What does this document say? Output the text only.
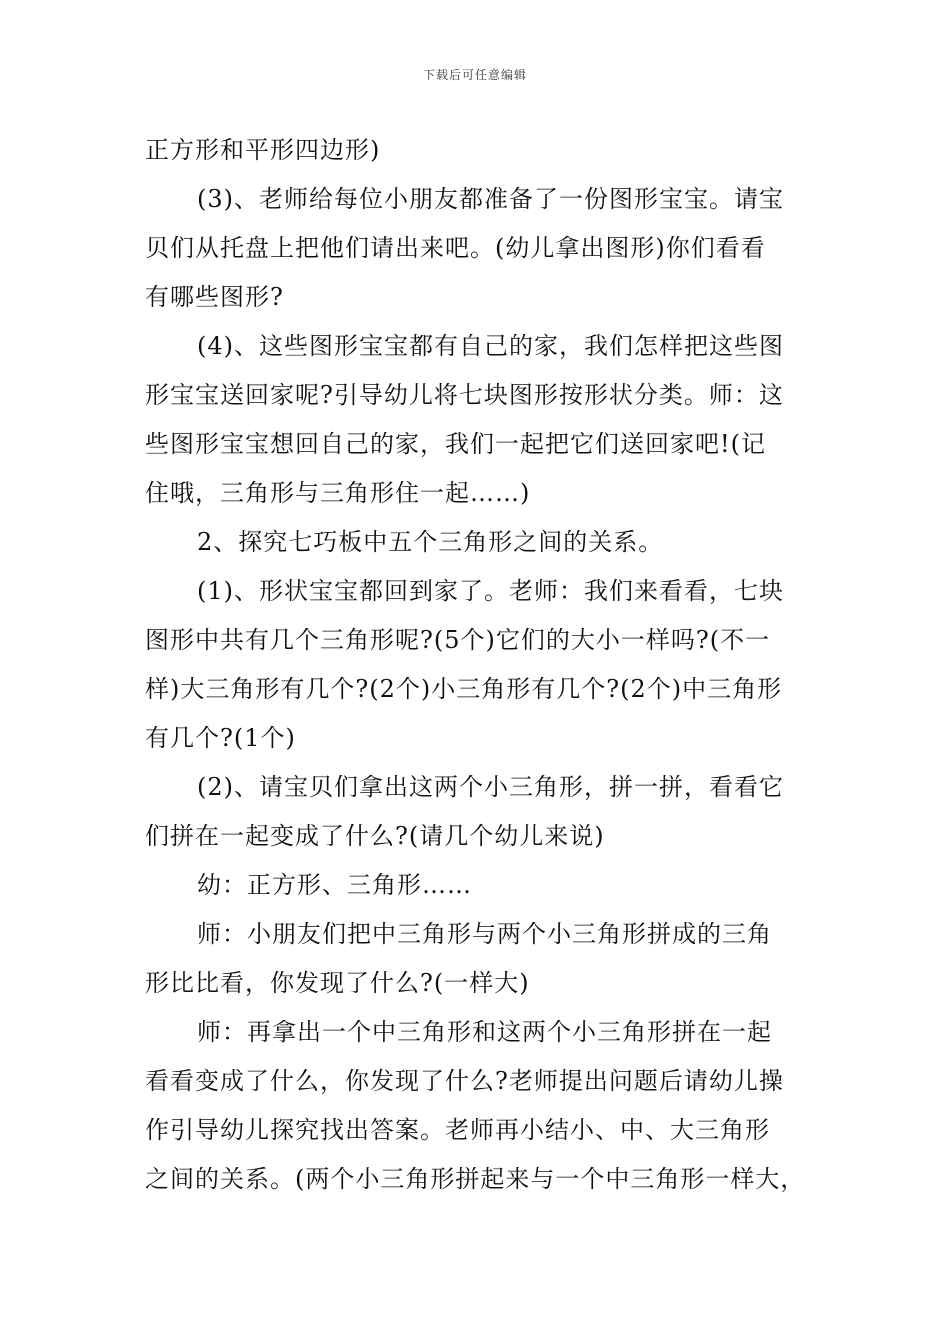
下载后可任意编辑
正方形和平形四边形)
(3)、老师给每位小朋友都准备了一份图形宝宝。请宝
贝们从托盘上把他们请出来吧。(幼儿拿出图形)你们看看
有哪些图形?
(4)、这些图形宝宝都有自己的家，我们怎样把这些图
形宝宝送回家呢?引导幼儿将七块图形按形状分类。师：这
些图形宝宝想回自己的家，我们一起把它们送回家吧!(记
住哦，三角形与三角形住一起……)
2、探究七巧板中五个三角形之间的关系。
(1)、形状宝宝都回到家了。老师：我们来看看，七块
图形中共有几个三角形呢?(5个)它们的大小一样吗?(不一
样)大三角形有几个?(2个)小三角形有几个?(2个)中三角形
有几个?(1个)
(2)、请宝贝们拿出这两个小三角形，拼一拼，看看它
们拼在一起变成了什么?(请几个幼儿来说)
幼：正方形、三角形……
师：小朋友们把中三角形与两个小三角形拼成的三角
形比比看，你发现了什么?(一样大)
师：再拿出一个中三角形和这两个小三角形拼在一起
看看变成了什么，你发现了什么?老师提出问题后请幼儿操
作引导幼儿探究找出答案。老师再小结小、中、大三角形
之间的关系。(两个小三角形拼起来与一个中三角形一样大，
